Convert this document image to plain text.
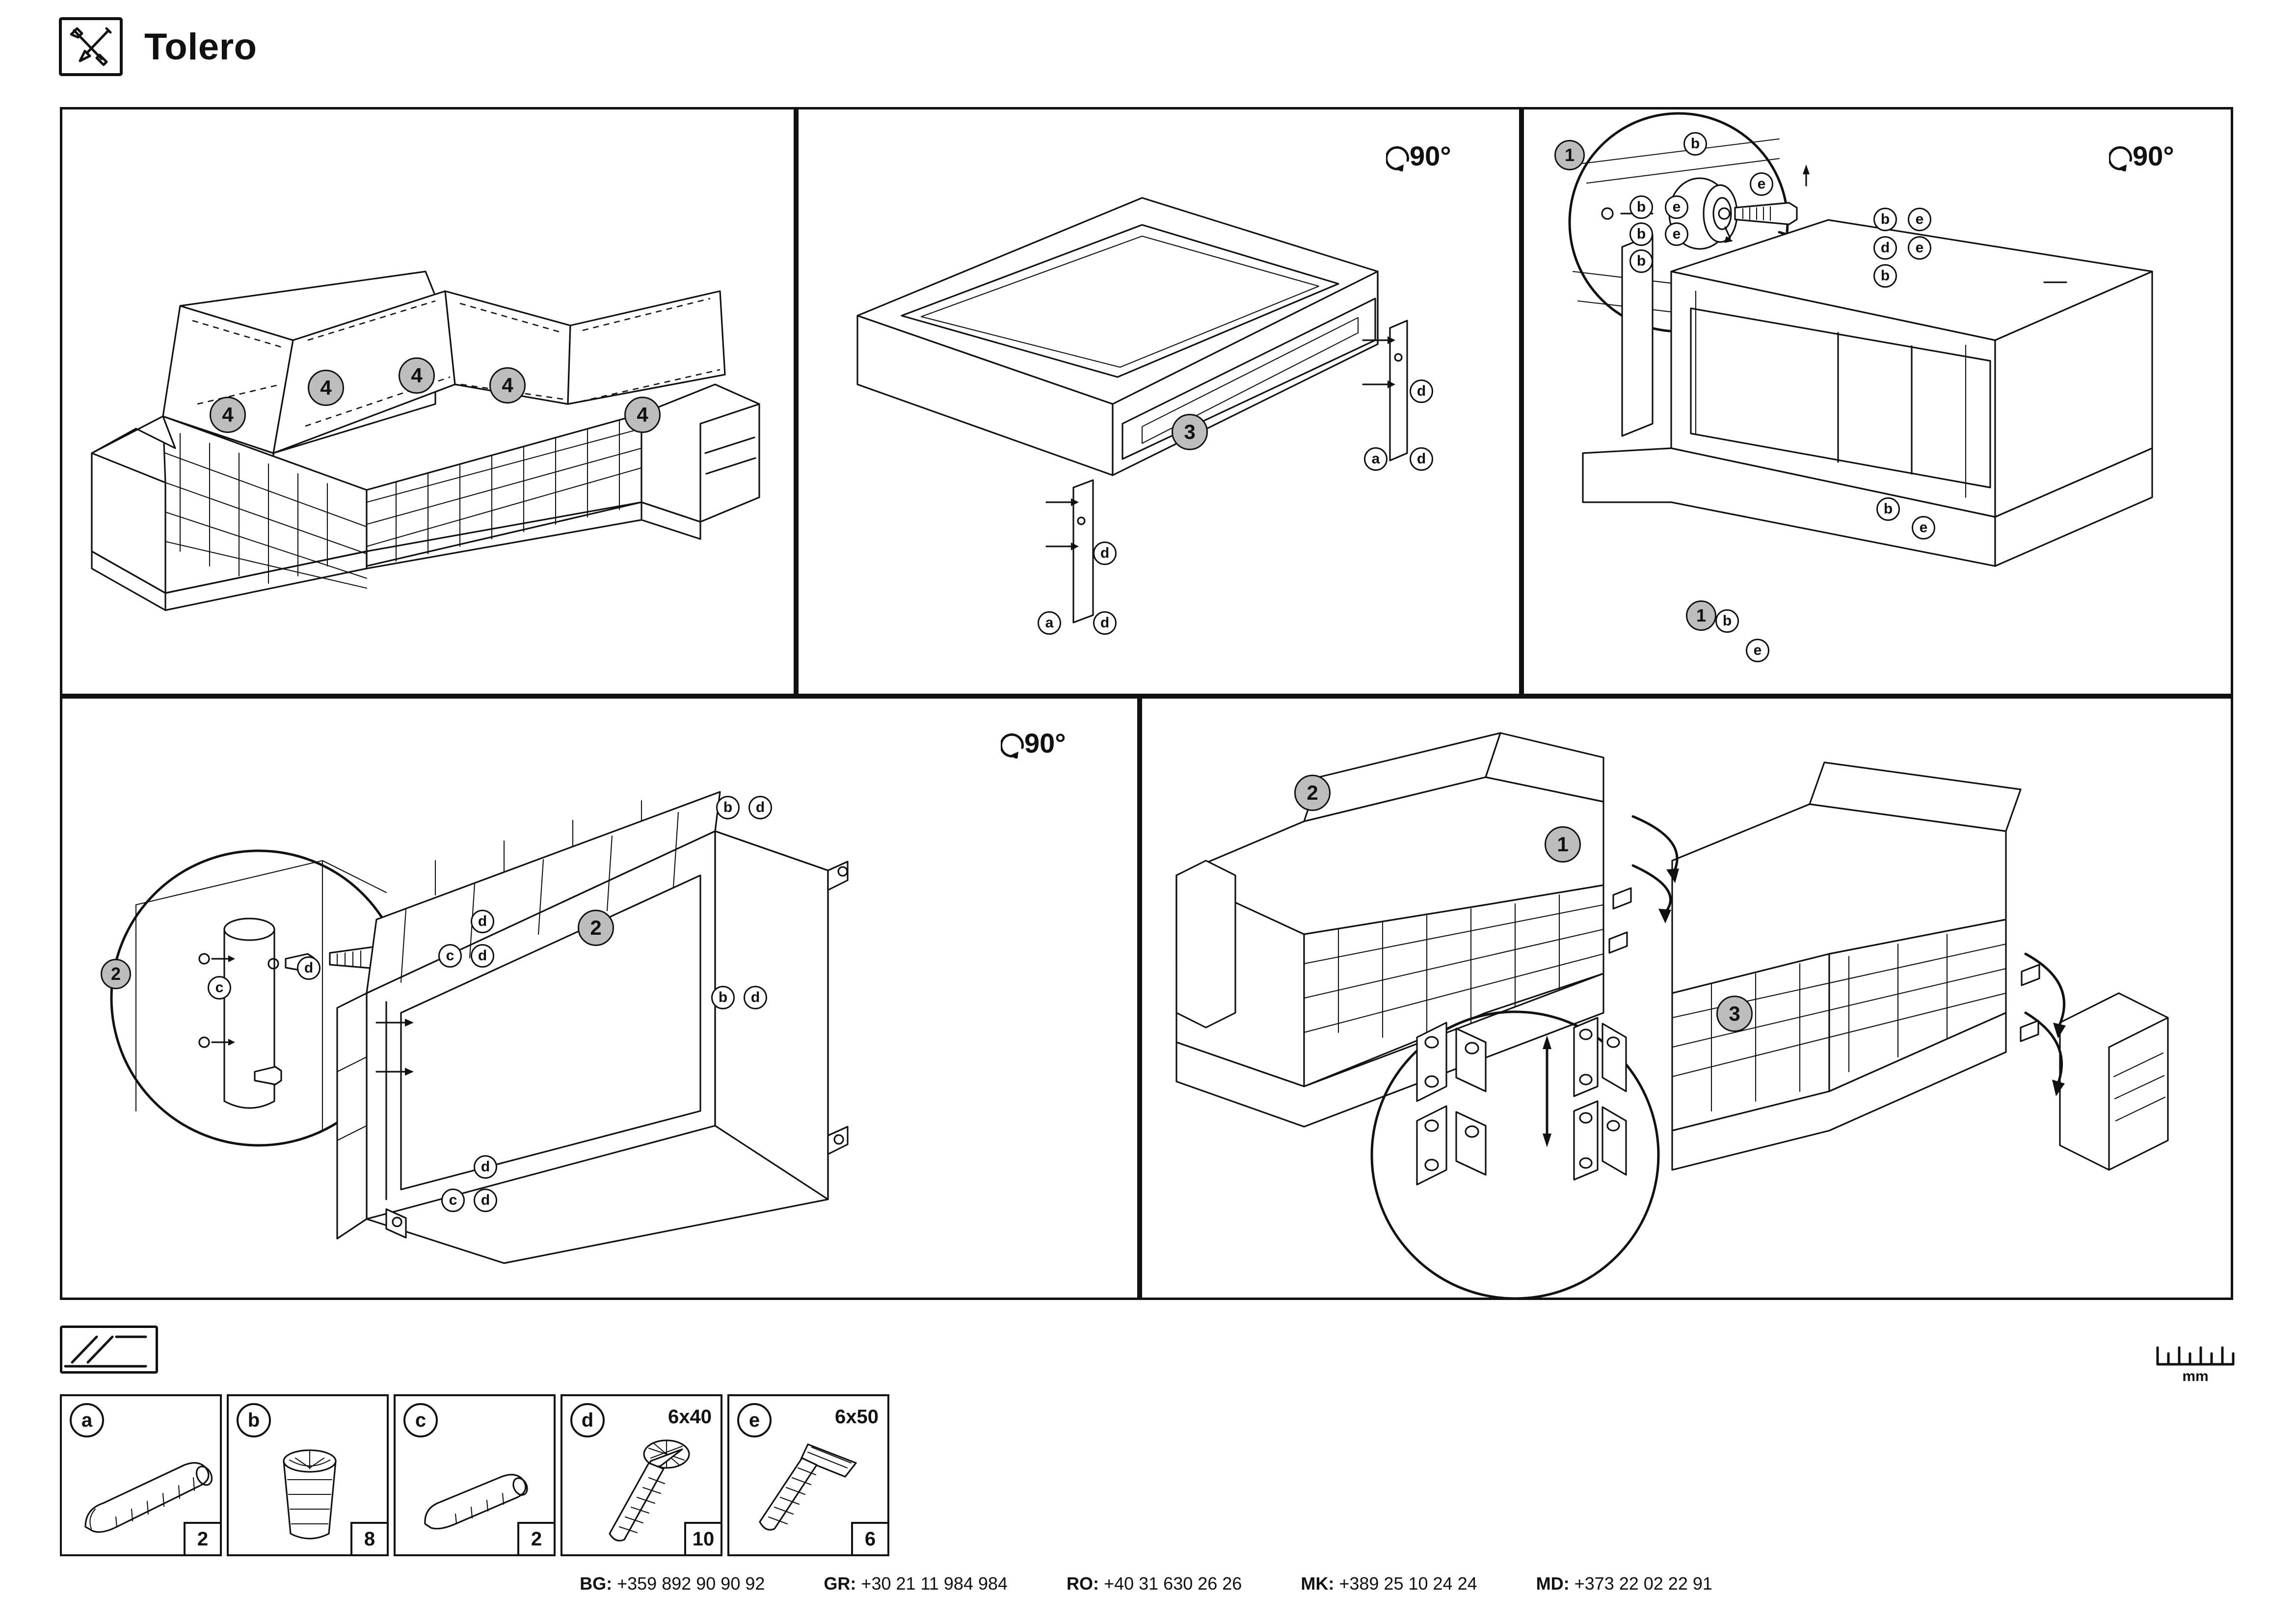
Tolero
4
4
4	4
4
90°
3
d
d
a
d
d
a
90°
1
1
b
e
b	e
b	e
b
b	e
d	e
b
b
e
b
e
90°
2
2
c
d
b	d
d
c	d
b	d
d
c	d
2
1
3
a
2
b
8
c
2
d	6x40
10
e	6x50
6
mm
BG: +359 892 90 90 92	GR: +30 21 11 984 984	RO: +40 31 630 26 26	MK: +389 25 10 24 24	MD: +373 22 02 22 91
